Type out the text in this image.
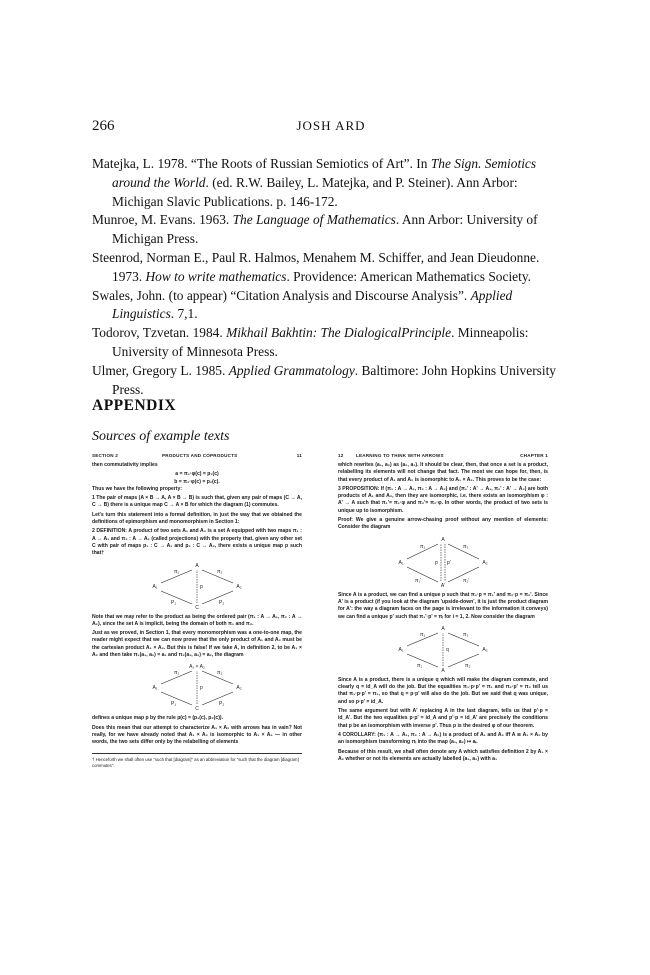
266	JOSH ARD

Matejka, L. 1978. “The Roots of Russian Semiotics of Art”. In The Sign. Semiotics around the World. (ed. R.W. Bailey, L. Matejka, and P. Steiner). Ann Arbor: Michigan Slavic Publications. p. 146-172.

Munroe, M. Evans. 1963. The Language of Mathematics. Ann Arbor: University of Michigan Press.

Steenrod, Norman E., Paul R. Halmos, Menahem M. Schiffer, and Jean Dieudonne. 1973. How to write mathematics. Providence: American Mathematics Society.

Swales, John. (to appear) “Citation Analysis and Discourse Analysis”. Applied Linguistics. 7,1.

Todorov, Tzvetan. 1984. Mikhail Bakhtin: The DialogicalPrinciple. Minneapolis: University of Minnesota Press.

Ulmer, Gregory L. 1985. Applied Grammatology. Baltimore: John Hopkins University Press.

APPENDIX
Sources of example texts
SECTION 2	PRODUCTS AND COPRODUCTS	11

then commutativity implies

a = π₁·φ(c) = p₁(c)
b = π₂·φ(c) = p₂(c).

Thus we have the following property:

1 The pair of maps (A × B → A, A × B → B) is such that, given any pair of maps (C → A, C → B) there is a unique map C → A × B for which the diagram (1) commutes.

Let's turn this statement into a formal definition, in just the way that we obtained the definitions of epimorphism and monomorphism in Section 1:

2 DEFINITION: A product of two sets A₁ and A₂ is a set A equipped with two maps π₁ : A → A₁ and π₂ : A → A₂ (called projections) with the property that, given any other set C with pair of maps p₁ : C → A₁ and p₂ : C → A₂, there exists a unique map p such that†

A
A₁	A₂
C
π₁	π₂
P₁	P₂
p

Note that we may refer to the product as being the ordered pair (π₁ : A → A₁, π₂ : A → A₂), since the set A is implicit, being the domain of both π₁ and π₂.

Just as we proved, in Section 1, that every monomorphism was a one-to-one map, the reader might expect that we can now prove that the only product of A₁ and A₂ must be the cartesian product A₁ × A₂. But this is false! If we take A, in definition 2, to be A₁ × A₂ and then take π₁(a₁, a₂) = a₁ and π₂(a₁, a₂) = a₂, the diagram

A₁ × A₂
A₁	A₂
C
π₁	π₂
P₁	P₂
p

defines a unique map p by the rule p(c) = (p₁(c), p₂(c)).

Does this mean that our attempt to characterize A₁ × A₂ with arrows has in vain? Not really, for we have already noted that A₁ × A₂ is isomorphic to A₁ × A₂ — in other words, the two sets differ only by the relabelling of elements

† Henceforth we shall often use "such that [diagram]" as an abbreviation for "such that the diagram [diagram] commutes".
12	LEARNING TO THINK WITH ARROWS	CHAPTER 1

which rewrites (a₁, a₂) as (a₂, a₁). It should be clear, then, that once a set is a product, relabelling its elements will not change that fact. The most we can hope for, then, is that every product of A₁ and A₂ is isomorphic to A₁ × A₂. This proves to be the case:

3 PROPOSITION: If (π₁ : A → A₁, π₂ : A → A₂) and (π₁' : A' → A₁, π₂' : A' → A₂) are both products of A₁ and A₂, then they are isomorphic, i.e. there exists an isomorphism φ : A' → A such that π₁'= π₁·φ and π₂'= π₂·φ. In other words, the product of two sets is unique up to isomorphism.

Proof: We give a genuine arrow-chasing proof without any mention of elements: Consider the diagram

A
A₁	A₂
A'
π₁	π₂
π₁'	π₂'
p p'

Since A is a product, we can find a unique p such that π₁·p = π₁' and π₂·p = π₂'. Since A' is a product (if you look at the diagram 'upside-down', it is just the product diagram for A': the way a diagram faces on the page is irrelevant to the information it conveys) we can find a unique p' such that π₁'·p' = πᵢ for i = 1, 2. Now consider the diagram

A
A₁	A₂
A
π₁	π₂
π₁	π₂
q

Since A is a product, there is a unique q which will make the diagram commute, and clearly q = id_A will do the job. But the equalities π₁·p·p' = π₁ and π₂·p' = π₂ tell us that π₁·p·p' = π₁, so that q = p·p' will also do the job. But we said that q was unique, and so p·p' = id_A.

The same argument but with A' replacing A in the last diagram, tells us that p'·p = id_A'. But the two equalities p·p' = id_A and p'·p = id_A' are precisely the conditions that p be an isomorphism with inverse p'. Thus p is the desired φ of our theorem.

4 COROLLARY: (π₁ : A → A₁, π₂ : A → A₂) is a product of A₁ and A₂ iff A ≅ A₁ × A₂ by an isomorphism transforming πᵢ into the map (a₁, a₂) ↦ aᵢ.

Because of this result, we shall often denote any A which satisfies definition 2 by A₁ × A₂ whether or not its elements are actually labelled (a₁, a₂) with a₁
